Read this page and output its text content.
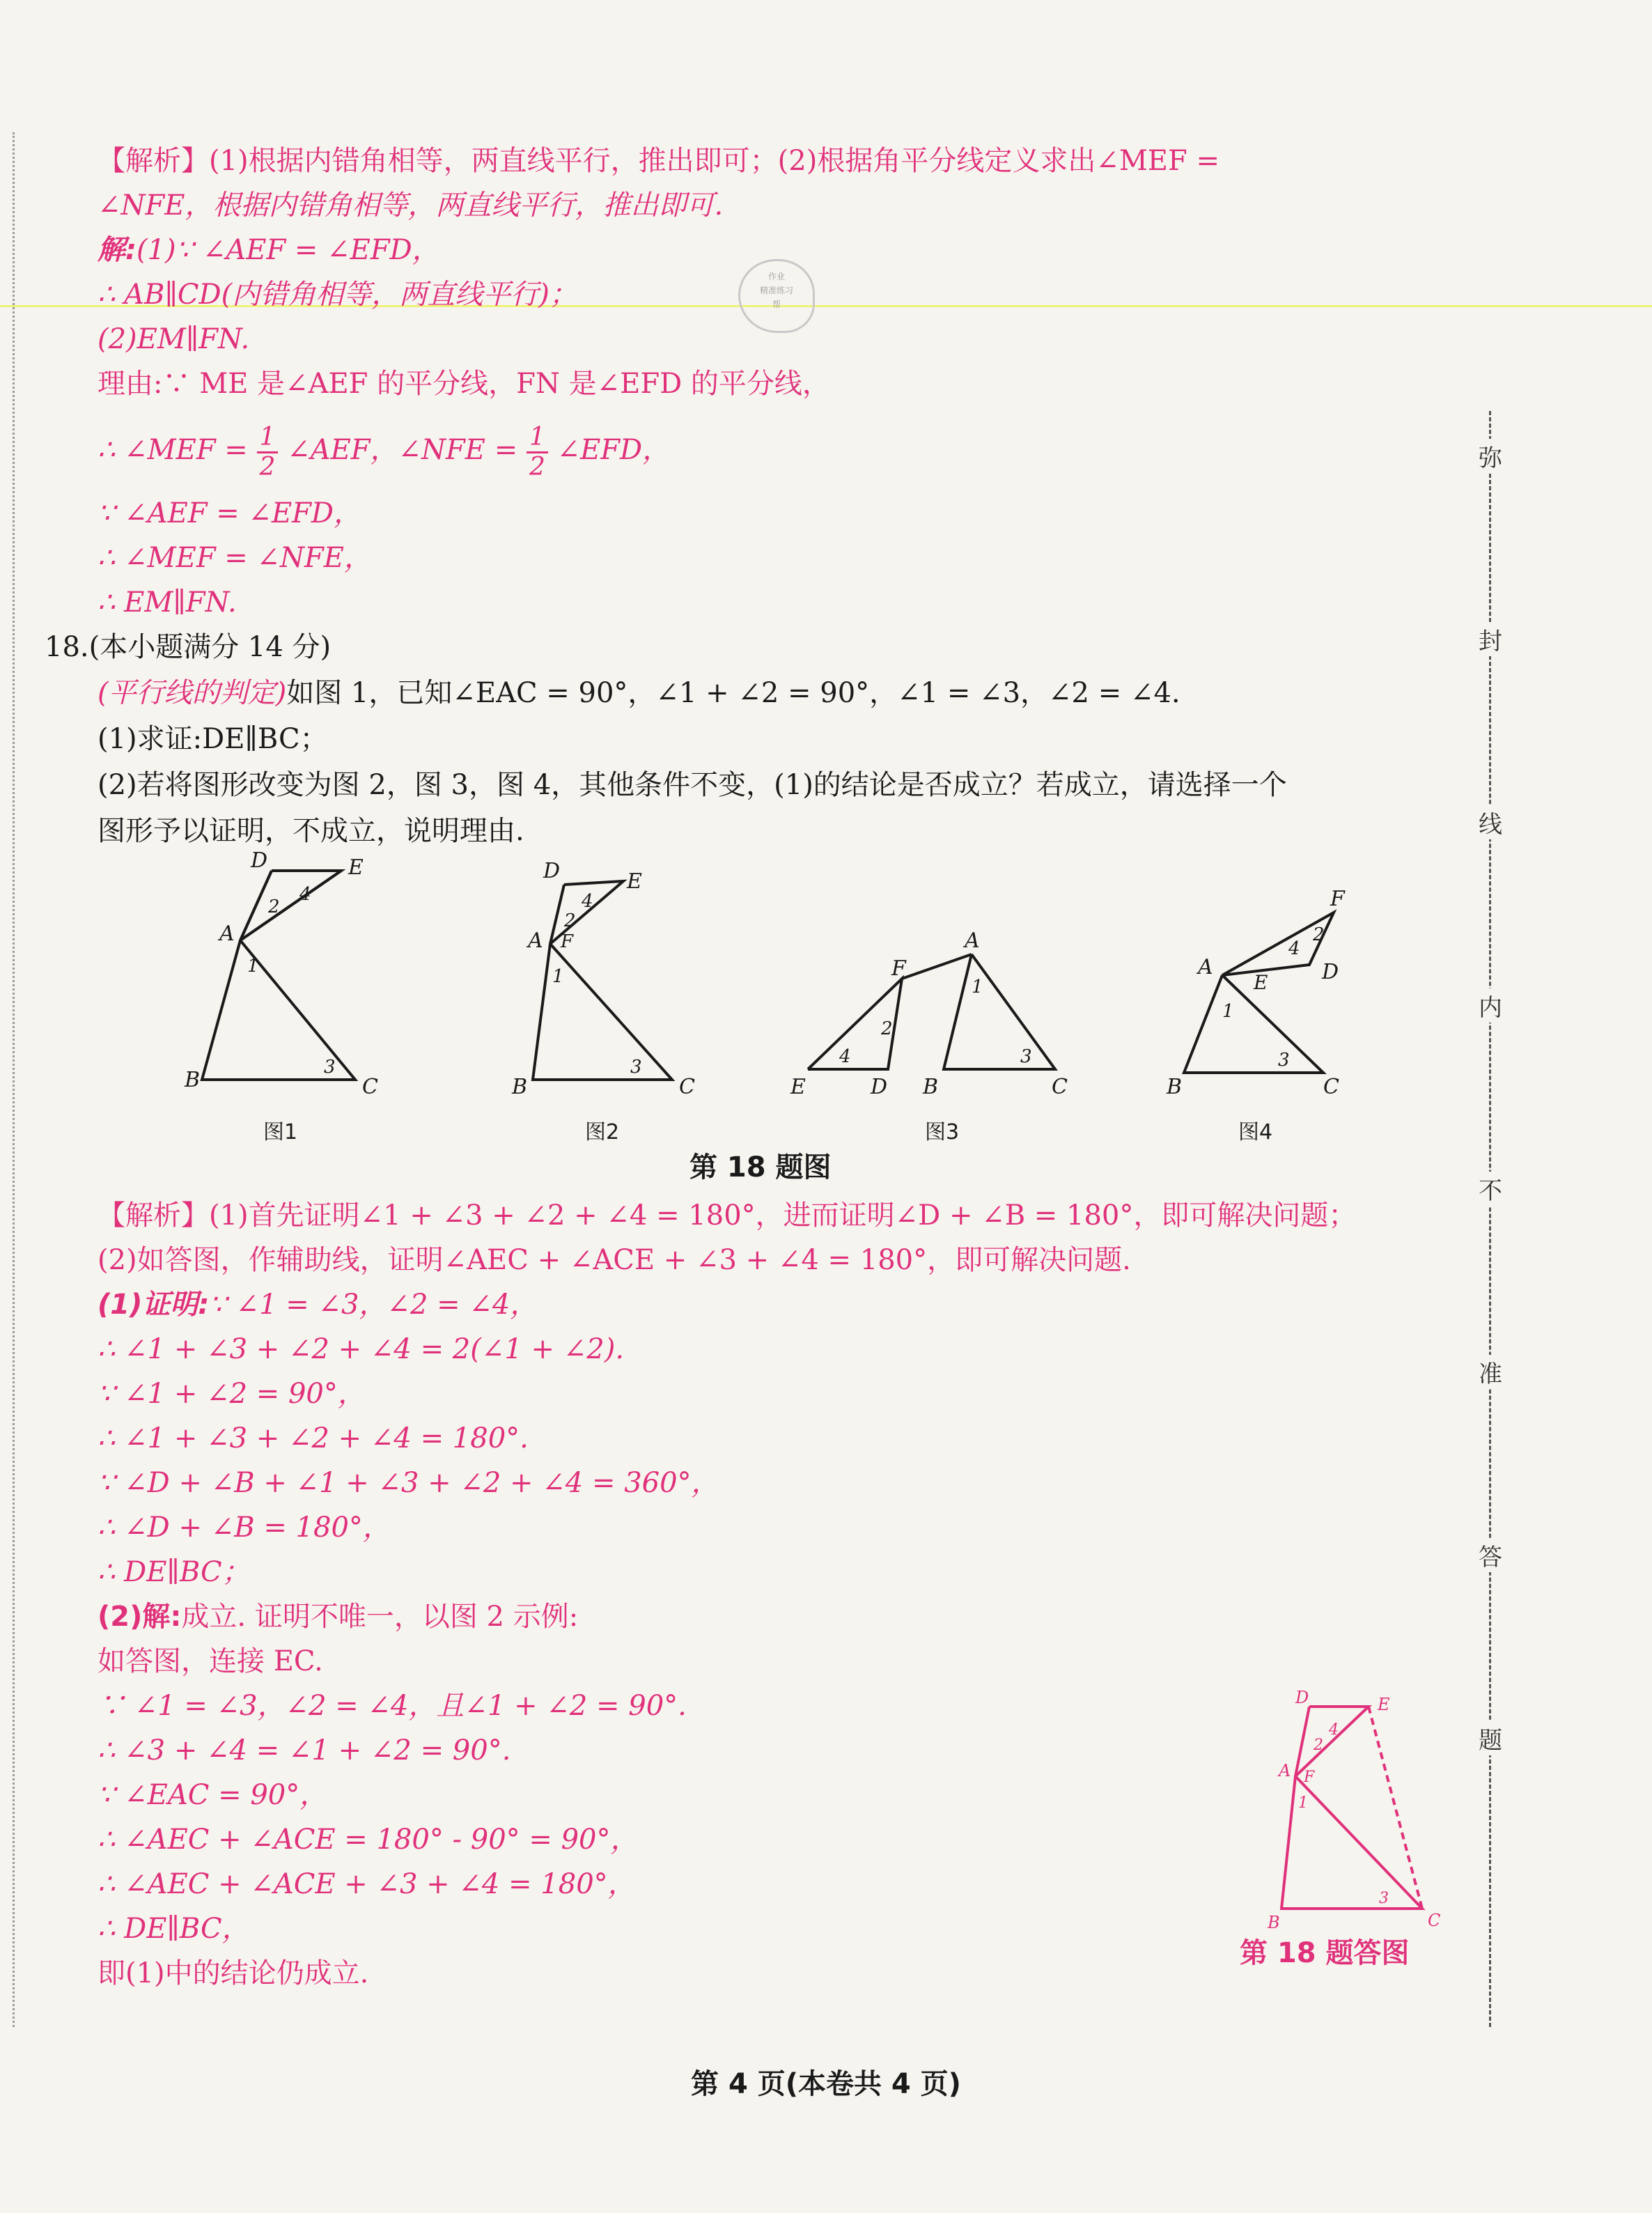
弥
封
线
内
不
准
答
题
作业
精准练习
帮
【解析】(1)根据内错角相等，两直线平行，推出即可；(2)根据角平分线定义求出∠MEF =
∠NFE，根据内错角相等，两直线平行，推出即可.
解:(1)∵ ∠AEF = ∠EFD，
∴ AB∥CD(内错角相等，两直线平行)；
(2)EM∥FN.
理由:∵ ME 是∠AEF 的平分线，FN 是∠EFD 的平分线，
∴ ∠MEF = $\frac{1}{2}$ ∠AEF，∠NFE = $\frac{1}{2}$ ∠EFD，
∵ ∠AEF = ∠EFD，
∴ ∠MEF = ∠NFE，
∴ EM∥FN.
18.(本小题满分 14 分)
(平行线的判定)如图 1，已知∠EAC = 90°，∠1 + ∠2 = 90°，∠1 = ∠3，∠2 = ∠4.
(1)求证:DE∥BC；
(2)若将图形改变为图 2，图 3，图 4，其他条件不变，(1)的结论是否成立？若成立，请选择一个
图形予以证明，不成立，说明理由.
D	E
A
B	C
4
2
1
3
D	E
A F
B	C
4
2
1
3
F
A
E	D B	C
4
2
1
3
A
E
F
D
B	C
4
2
1
3
图1	图2	图3	图4
第 18 题图
【解析】(1)首先证明∠1 + ∠3 + ∠2 + ∠4 = 180°，进而证明∠D + ∠B = 180°，即可解决问题；
(2)如答图，作辅助线，证明∠AEC + ∠ACE + ∠3 + ∠4 = 180°，即可解决问题.
(1)证明:∵ ∠1 = ∠3，∠2 = ∠4，
∴ ∠1 + ∠3 + ∠2 + ∠4 = 2(∠1 + ∠2).
∵ ∠1 + ∠2 = 90°，
∴ ∠1 + ∠3 + ∠2 + ∠4 = 180°.
∵ ∠D + ∠B + ∠1 + ∠3 + ∠2 + ∠4 = 360°，
∴ ∠D + ∠B = 180°，
∴ DE∥BC；
(2)解:成立. 证明不唯一，以图 2 示例:
如答图，连接 EC.
∵ ∠1 = ∠3，∠2 = ∠4，且∠1 + ∠2 = 90°.
∴ ∠3 + ∠4 = ∠1 + ∠2 = 90°.
∵ ∠EAC = 90°，
∴ ∠AEC + ∠ACE = 180° - 90° = 90°，
∴ ∠AEC + ∠ACE + ∠3 + ∠4 = 180°，
∴ DE∥BC，
即(1)中的结论仍成立.
D	E
A F
B	C
4
2
1
3
第 18 题答图
第 4 页(本卷共 4 页)
